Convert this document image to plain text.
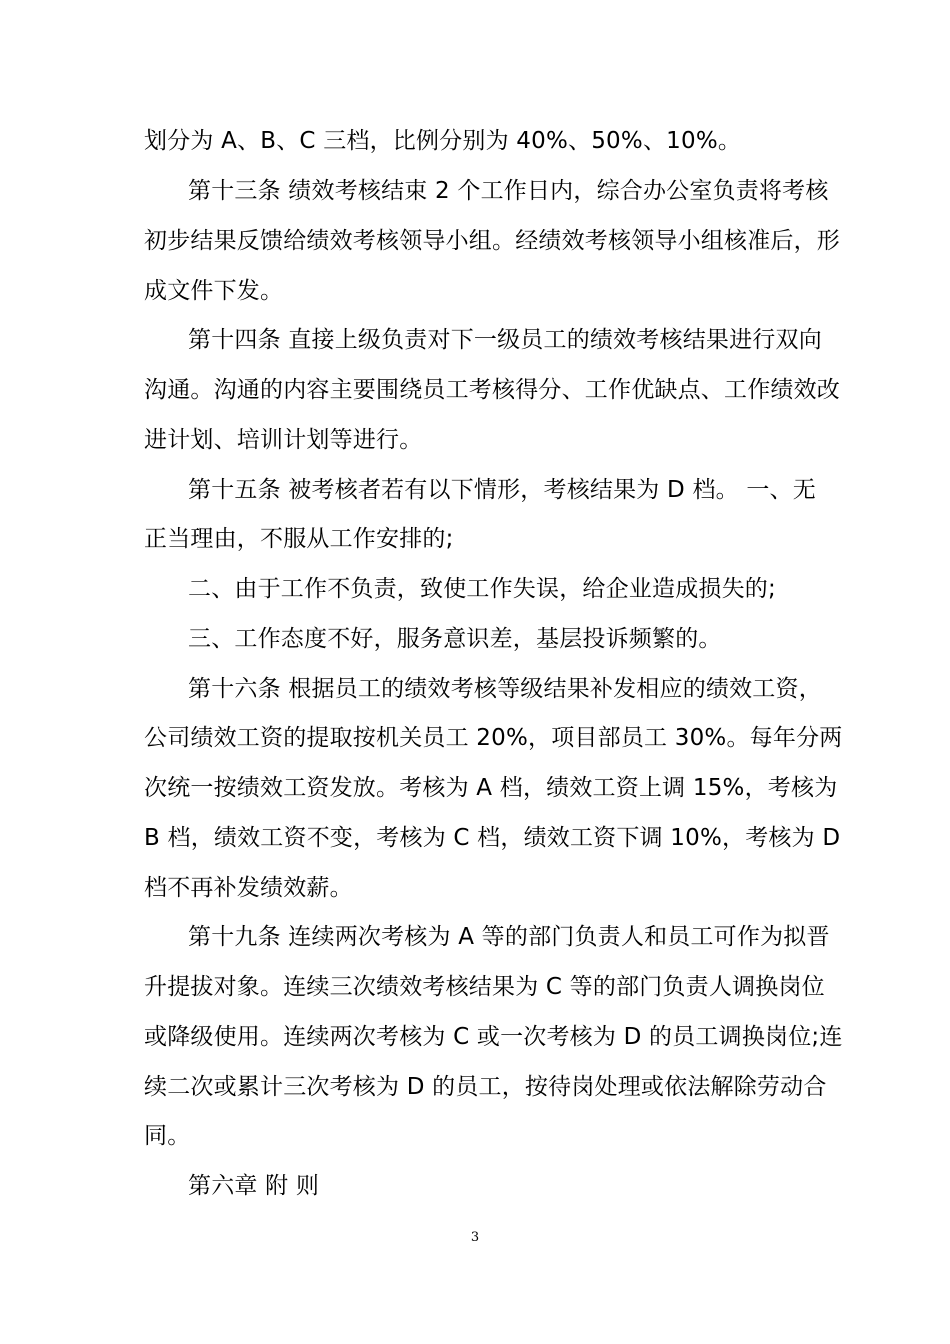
划分为 A、B、C 三档，比例分别为 40%、50%、10%。
第十三条 绩效考核结束 2 个工作日内，综合办公室负责将考核
初步结果反馈给绩效考核领导小组。经绩效考核领导小组核准后，形
成文件下发。
第十四条 直接上级负责对下一级员工的绩效考核结果进行双向
沟通。沟通的内容主要围绕员工考核得分、工作优缺点、工作绩效改
进计划、培训计划等进行。
第十五条 被考核者若有以下情形，考核结果为 D 档。 一、无
正当理由，不服从工作安排的;
二、由于工作不负责，致使工作失误，给企业造成损失的;
三、工作态度不好，服务意识差，基层投诉频繁的。
第十六条 根据员工的绩效考核等级结果补发相应的绩效工资，
公司绩效工资的提取按机关员工 20%，项目部员工 30%。每年分两
次统一按绩效工资发放。考核为 A 档，绩效工资上调 15%，考核为
B 档，绩效工资不变，考核为 C 档，绩效工资下调 10%，考核为 D
档不再补发绩效薪。
第十九条 连续两次考核为 A 等的部门负责人和员工可作为拟晋
升提拔对象。连续三次绩效考核结果为 C 等的部门负责人调换岗位
或降级使用。连续两次考核为 C 或一次考核为 D 的员工调换岗位;连
续二次或累计三次考核为 D 的员工，按待岗处理或依法解除劳动合
同。
第六章 附 则
3
